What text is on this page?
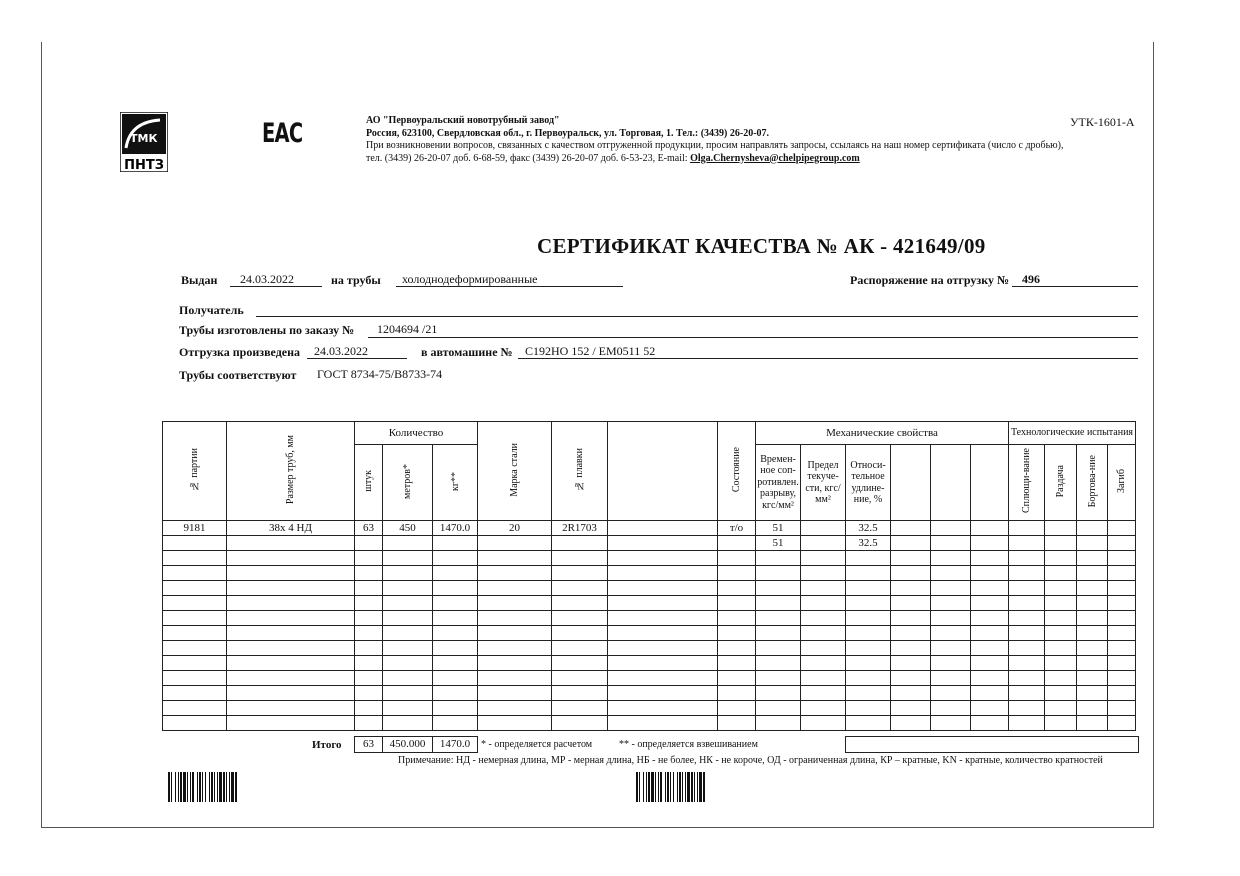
ТМК
ПНТЗ
ЕАС	АО "Первоуральский новотрубный завод"
Россия, 623100, Свердловская обл., г. Первоуральск, ул. Торговая, 1. Тел.: (3439) 26-20-07.
При возникновении вопросов, связанных с качеством отгруженной продукции, просим направлять запросы, ссылаясь на наш номер сертификата (число с дробью),
тел. (3439) 26-20-07 доб. 6-68-59, факс (3439) 26-20-07 доб. 6-53-23, E-mail: Olga.Chernysheva@chelpipegroup.com
УТК-1601-А
СЕРТИФИКАТ КАЧЕСТВА № АК - 421649/09
Выдан 24.03.2022	на трубы холоднодеформированные	Распоряжение на отгрузку № 496
Получатель
Трубы изготовлены по заказу № 1204694 /21
Отгрузка произведена 24.03.2022	в автомашине № С192НО 152 / ЕМ0511 52
Трубы соответствуют ГОСТ 8734-75/В8733-74
№ партии	Размер труб, мм	Количество			Марка стали	№ плавки		Состояние	Механические свойства						Технологические испытания			
		штук	метров*	кг**					Времен-ное соп-ротивлен. разрыву, кгс/мм²	Предел текуче-сти, кгс/мм²	Относи-тельное удлине-ние, %				Сплющи-вание	Раздача	Бортова-ние	Загиб
9181	38х 4 НД	63	450	1470.0	20	2R1703		т/о	51		32.5							
									51		32.5							

Итого	63	450.000	1470.0	* - определяется расчетом	** - определяется взвешиванием
Примечание: НД - немерная длина, МР - мерная длина, НБ - не более, НК - не короче, ОД - ограниченная длина, КР – кратные, KN - кратные, количество кратностей
